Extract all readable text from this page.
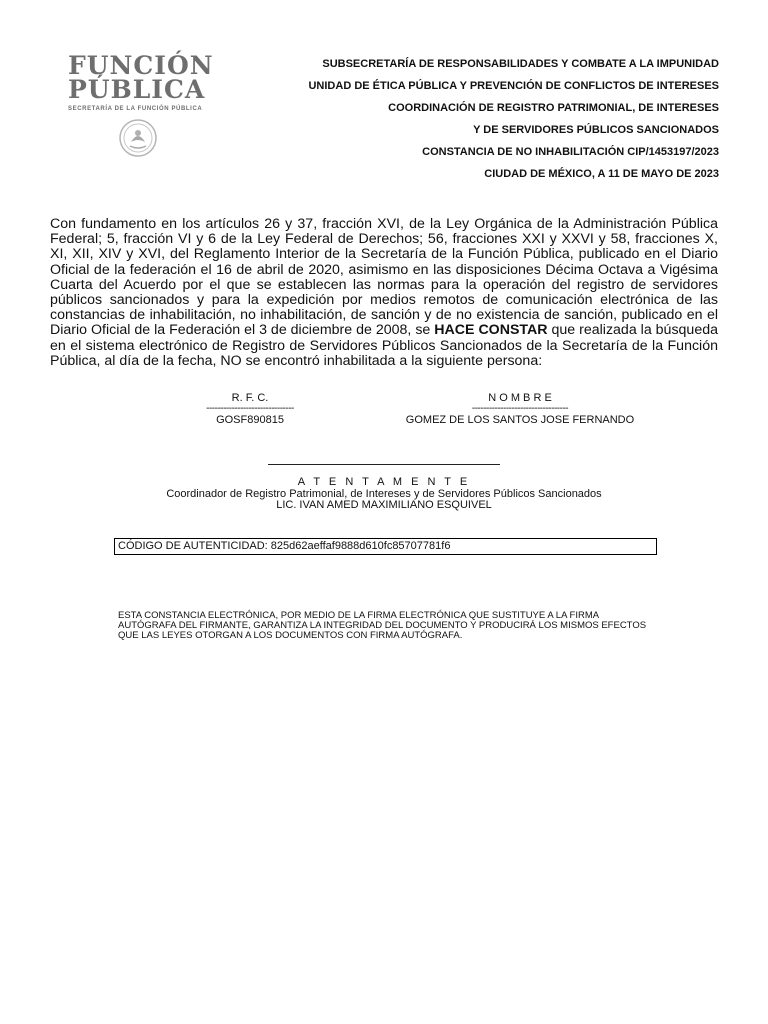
FUNCIÓN
PÚBLICA
SECRETARÍA DE LA FUNCIÓN PÚBLICA
SUBSECRETARÍA DE RESPONSABILIDADES Y COMBATE A LA IMPUNIDAD
UNIDAD DE ÉTICA PÚBLICA Y PREVENCIÓN DE CONFLICTOS DE INTERESES
COORDINACIÓN DE REGISTRO PATRIMONIAL, DE INTERESES
Y DE SERVIDORES PÚBLICOS SANCIONADOS
CONSTANCIA DE NO INHABILITACIÓN CIP/1453197/2023
CIUDAD DE MÉXICO, A 11 DE MAYO DE 2023
Con fundamento en los artículos 26 y 37, fracción XVI, de la Ley Orgánica de la Administración Pública Federal; 5, fracción VI y 6 de la Ley Federal de Derechos; 56, fracciones XXI y XXVI y 58, fracciones X, XI, XII, XIV y XVI, del Reglamento Interior de la Secretaría de la Función Pública, publicado en el Diario Oficial de la federación el 16 de abril de 2020, asimismo en las disposiciones Décima Octava a Vigésima Cuarta del Acuerdo por el que se establecen las normas para la operación del registro de servidores públicos sancionados y para la expedición por medios remotos de comunicación electrónica de las constancias de inhabilitación, no inhabilitación, de sanción y de no existencia de sanción, publicado en el Diario Oficial de la Federación el 3 de diciembre de 2008, se HACE CONSTAR que realizada la búsqueda en el sistema electrónico de Registro de Servidores Públicos Sancionados de la Secretaría de la Función Pública, al día de la fecha, NO se encontró inhabilitada a la siguiente persona:
R. F. C.
-------------------------------
GOSF890815
N O M B R E
----------------------------------
GOMEZ DE LOS SANTOS JOSE FERNANDO
A T E N T A M E N T E
Coordinador de Registro Patrimonial, de Intereses y de Servidores Públicos Sancionados
LIC. IVAN AMED MAXIMILIANO ESQUIVEL
CÓDIGO DE AUTENTICIDAD: 825d62aeffaf9888d610fc85707781f6
ESTA CONSTANCIA ELECTRÓNICA, POR MEDIO DE LA FIRMA ELECTRÓNICA QUE SUSTITUYE A LA FIRMA AUTÓGRAFA DEL FIRMANTE, GARANTIZA LA INTEGRIDAD DEL DOCUMENTO Y PRODUCIRÁ LOS MISMOS EFECTOS QUE LAS LEYES OTORGAN A LOS DOCUMENTOS CON FIRMA AUTÓGRAFA.
